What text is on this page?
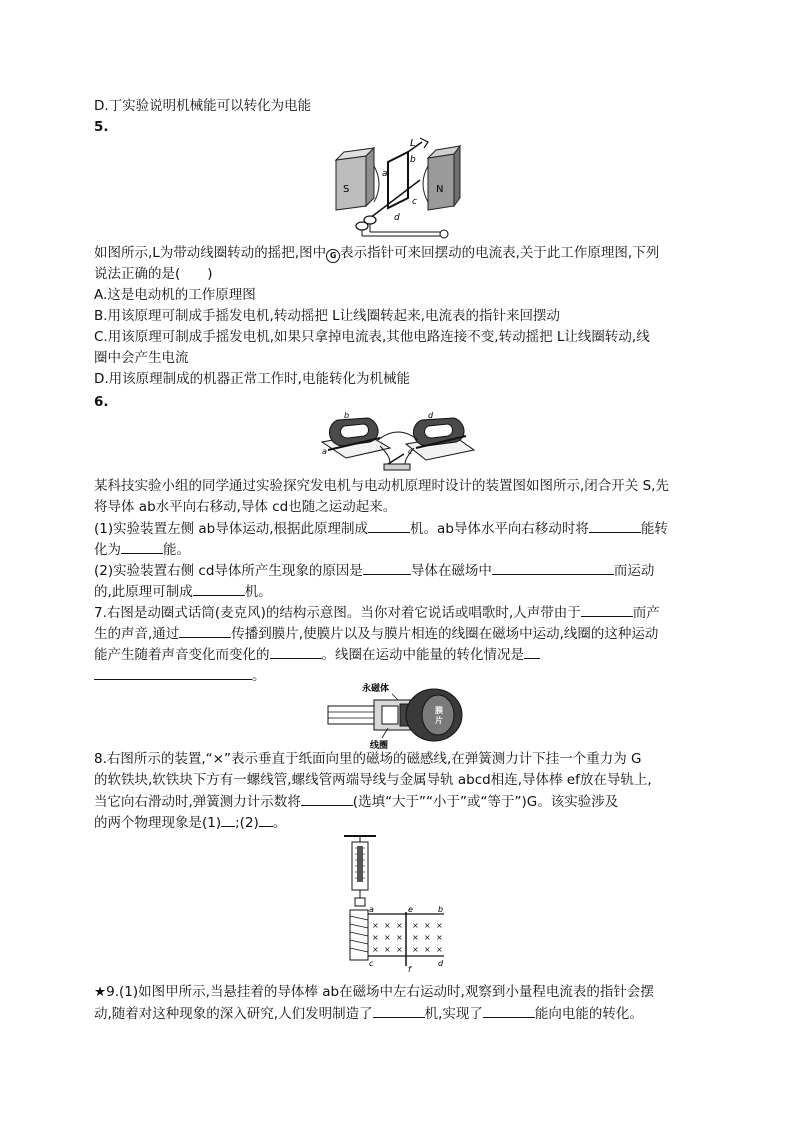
D.丁实验说明机械能可以转化为电能
5.
L
S	N
a
b
c
d
如图所示,L为带动线圈转动的摇把,图中 G 表示指针可来回摆动的电流表,关于此工作原理图,下列
说法正确的是(　　)
A.这是电动机的工作原理图
B.用该原理可制成手摇发电机,转动摇把 L让线圈转起来,电流表的指针来回摆动
C.用该原理可制成手摇发电机,如果只拿掉电流表,其他电路连接不变,转动摇把 L让线圈转动,线
圈中会产生电流
D.用该原理制成的机器正常工作时,电能转化为机械能
6.
b
a
d
c
某科技实验小组的同学通过实验探究发电机与电动机原理时设计的装置图如图所示,闭合开关 S,先
将导体 ab水平向右移动,导体 cd也随之运动起来。
(1)实验装置左侧 ab导体运动,根据此原理制成	机。ab导体水平向右移动时将	能转
化为	能。
(2)实验装置右侧 cd导体所产生现象的原因是	导体在磁场中	而运动
的,此原理可制成	机。
7.右图是动圈式话筒(麦克风)的结构示意图。当你对着它说话或唱歌时,人声带由于	而产
生的声音,通过	传播到膜片,使膜片以及与膜片相连的线圈在磁场中运动,线圈的这种运动
能产生随着声音变化而变化的	。线圈在运动中能量的转化情况是
。
永磁体
膜
片
线圈
8.右图所示的装置,“×”表示垂直于纸面向里的磁场的磁感线,在弹簧测力计下挂一个重力为 G
的软铁块,软铁块下方有一螺线管,螺线管两端导线与金属导轨 abcd相连,导体棒 ef放在导轨上,
当它向右滑动时,弹簧测力计示数将	(选填“大于”“小于”或“等于”)G。该实验涉及
的两个物理现象是(1) ;(2) 。
× × × × × ×
× × × × × ×
× × × × × ×
a	b
e
c
f
d
★9.(1)如图甲所示,当悬挂着的导体棒 ab在磁场中左右运动时,观察到小量程电流表的指针会摆
动,随着对这种现象的深入研究,人们发明制造了	机,实现了	能向电能的转化。
